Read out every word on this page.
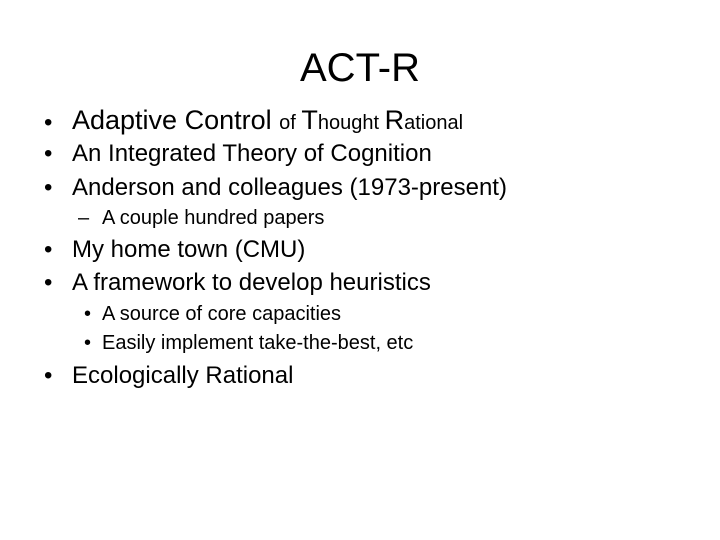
ACT-R
• Adaptive Control of Thought Rational
• An Integrated Theory of Cognition
• Anderson and colleagues (1973-present)
– A couple hundred papers
• My home town (CMU)
• A framework to develop heuristics
• A source of core capacities
• Easily implement take-the-best, etc
• Ecologically Rational
